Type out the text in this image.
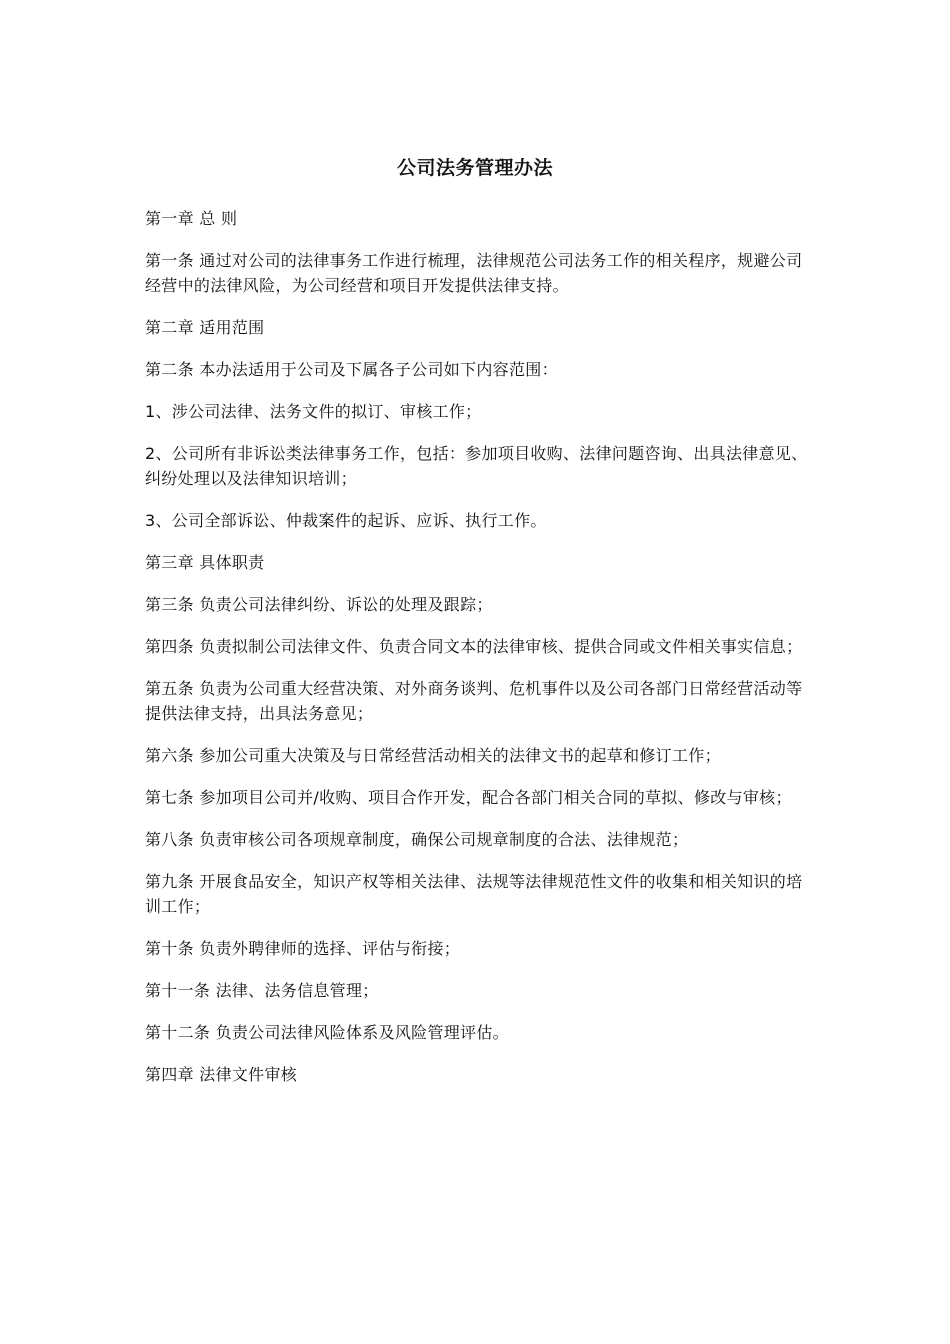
公司法务管理办法

第一章 总 则

第一条 通过对公司的法律事务工作进行梳理，法律规范公司法务工作的相关程序，规避公司经营中的法律风险，为公司经营和项目开发提供法律支持。

第二章 适用范围

第二条 本办法适用于公司及下属各子公司如下内容范围：

1、涉公司法律、法务文件的拟订、审核工作；

2、公司所有非诉讼类法律事务工作，包括：参加项目收购、法律问题咨询、出具法律意见、纠纷处理以及法律知识培训；

3、公司全部诉讼、仲裁案件的起诉、应诉、执行工作。

第三章 具体职责

第三条 负责公司法律纠纷、诉讼的处理及跟踪；

第四条 负责拟制公司法律文件、负责合同文本的法律审核、提供合同或文件相关事实信息；

第五条 负责为公司重大经营决策、对外商务谈判、危机事件以及公司各部门日常经营活动等提供法律支持，出具法务意见；

第六条 参加公司重大决策及与日常经营活动相关的法律文书的起草和修订工作；

第七条 参加项目公司并/收购、项目合作开发，配合各部门相关合同的草拟、修改与审核；

第八条 负责审核公司各项规章制度，确保公司规章制度的合法、法律规范；

第九条 开展食品安全，知识产权等相关法律、法规等法律规范性文件的收集和相关知识的培训工作；

第十条 负责外聘律师的选择、评估与衔接；

第十一条 法律、法务信息管理；

第十二条 负责公司法律风险体系及风险管理评估。

第四章 法律文件审核
